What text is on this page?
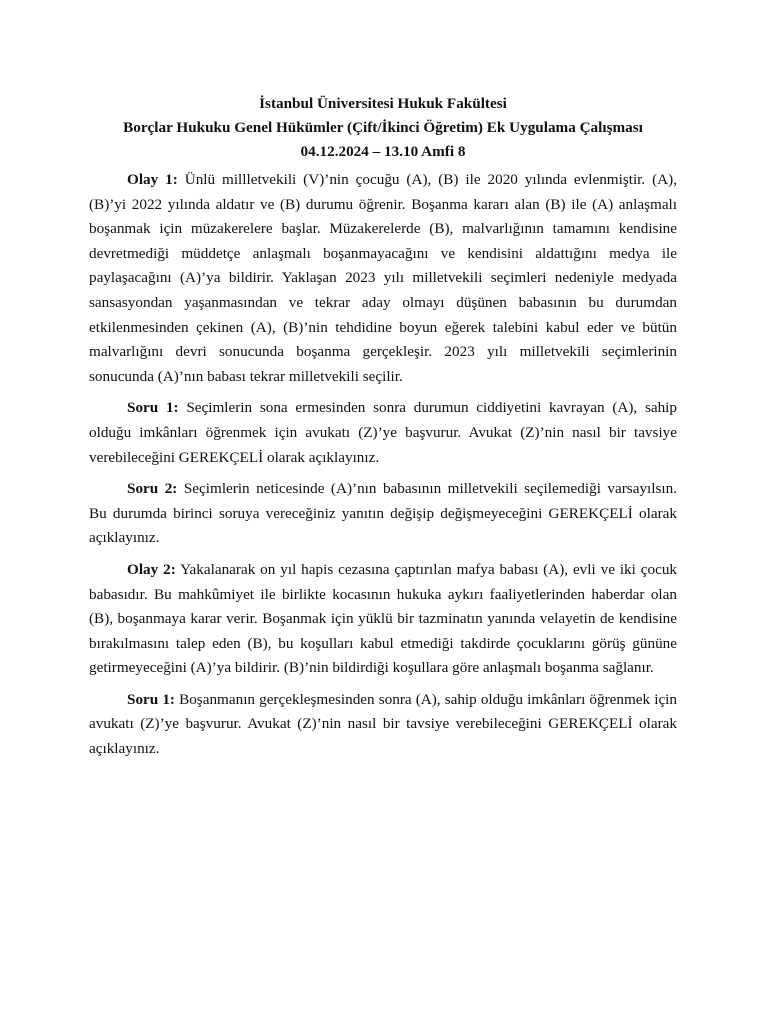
İstanbul Üniversitesi Hukuk Fakültesi
Borçlar Hukuku Genel Hükümler (Çift/İkinci Öğretim) Ek Uygulama Çalışması
04.12.2024 – 13.10 Amfi 8

Olay 1: Ünlü millletvekili (V)’nin çocuğu (A), (B) ile 2020 yılında evlenmiştir. (A), (B)’yi 2022 yılında aldatır ve (B) durumu öğrenir. Boşanma kararı alan (B) ile (A) anlaşmalı boşanmak için müzakerelere başlar. Müzakerelerde (B), malvarlığının tamamını kendisine devretmediği müddetçe anlaşmalı boşanmayacağını ve kendisini aldattığını medya ile paylaşacağını (A)’ya bildirir. Yaklaşan 2023 yılı milletvekili seçimleri nedeniyle medyada sansasyondan yaşanmasından ve tekrar aday olmayı düşünen babasının bu durumdan etkilenmesinden çekinen (A), (B)’nin tehdidine boyun eğerek talebini kabul eder ve bütün malvarlığını devri sonucunda boşanma gerçekleşir. 2023 yılı milletvekili seçimlerinin sonucunda (A)’nın babası tekrar milletvekili seçilir.

Soru 1: Seçimlerin sona ermesinden sonra durumun ciddiyetini kavrayan (A), sahip olduğu imkânları öğrenmek için avukatı (Z)’ye başvurur. Avukat (Z)’nin nasıl bir tavsiye verebileceğini GEREKÇELİ olarak açıklayınız.

Soru 2: Seçimlerin neticesinde (A)’nın babasının milletvekili seçilemediği varsayılsın. Bu durumda birinci soruya vereceğiniz yanıtın değişip değişmeyeceğini GEREKÇELİ olarak açıklayınız.

Olay 2: Yakalanarak on yıl hapis cezasına çaptırılan mafya babası (A), evli ve iki çocuk babasıdır. Bu mahkûmiyet ile birlikte kocasının hukuka aykırı faaliyetlerinden haberdar olan (B), boşanmaya karar verir. Boşanmak için yüklü bir tazminatın yanında velayetin de kendisine bırakılmasını talep eden (B), bu koşulları kabul etmediği takdirde çocuklarını görüş gününe getirmeyeceğini (A)’ya bildirir. (B)’nin bildirdiği koşullara göre anlaşmalı boşanma sağlanır.

Soru 1: Boşanmanın gerçekleşmesinden sonra (A), sahip olduğu imkânları öğrenmek için avukatı (Z)’ye başvurur. Avukat (Z)’nin nasıl bir tavsiye verebileceğini GEREKÇELİ olarak açıklayınız.
